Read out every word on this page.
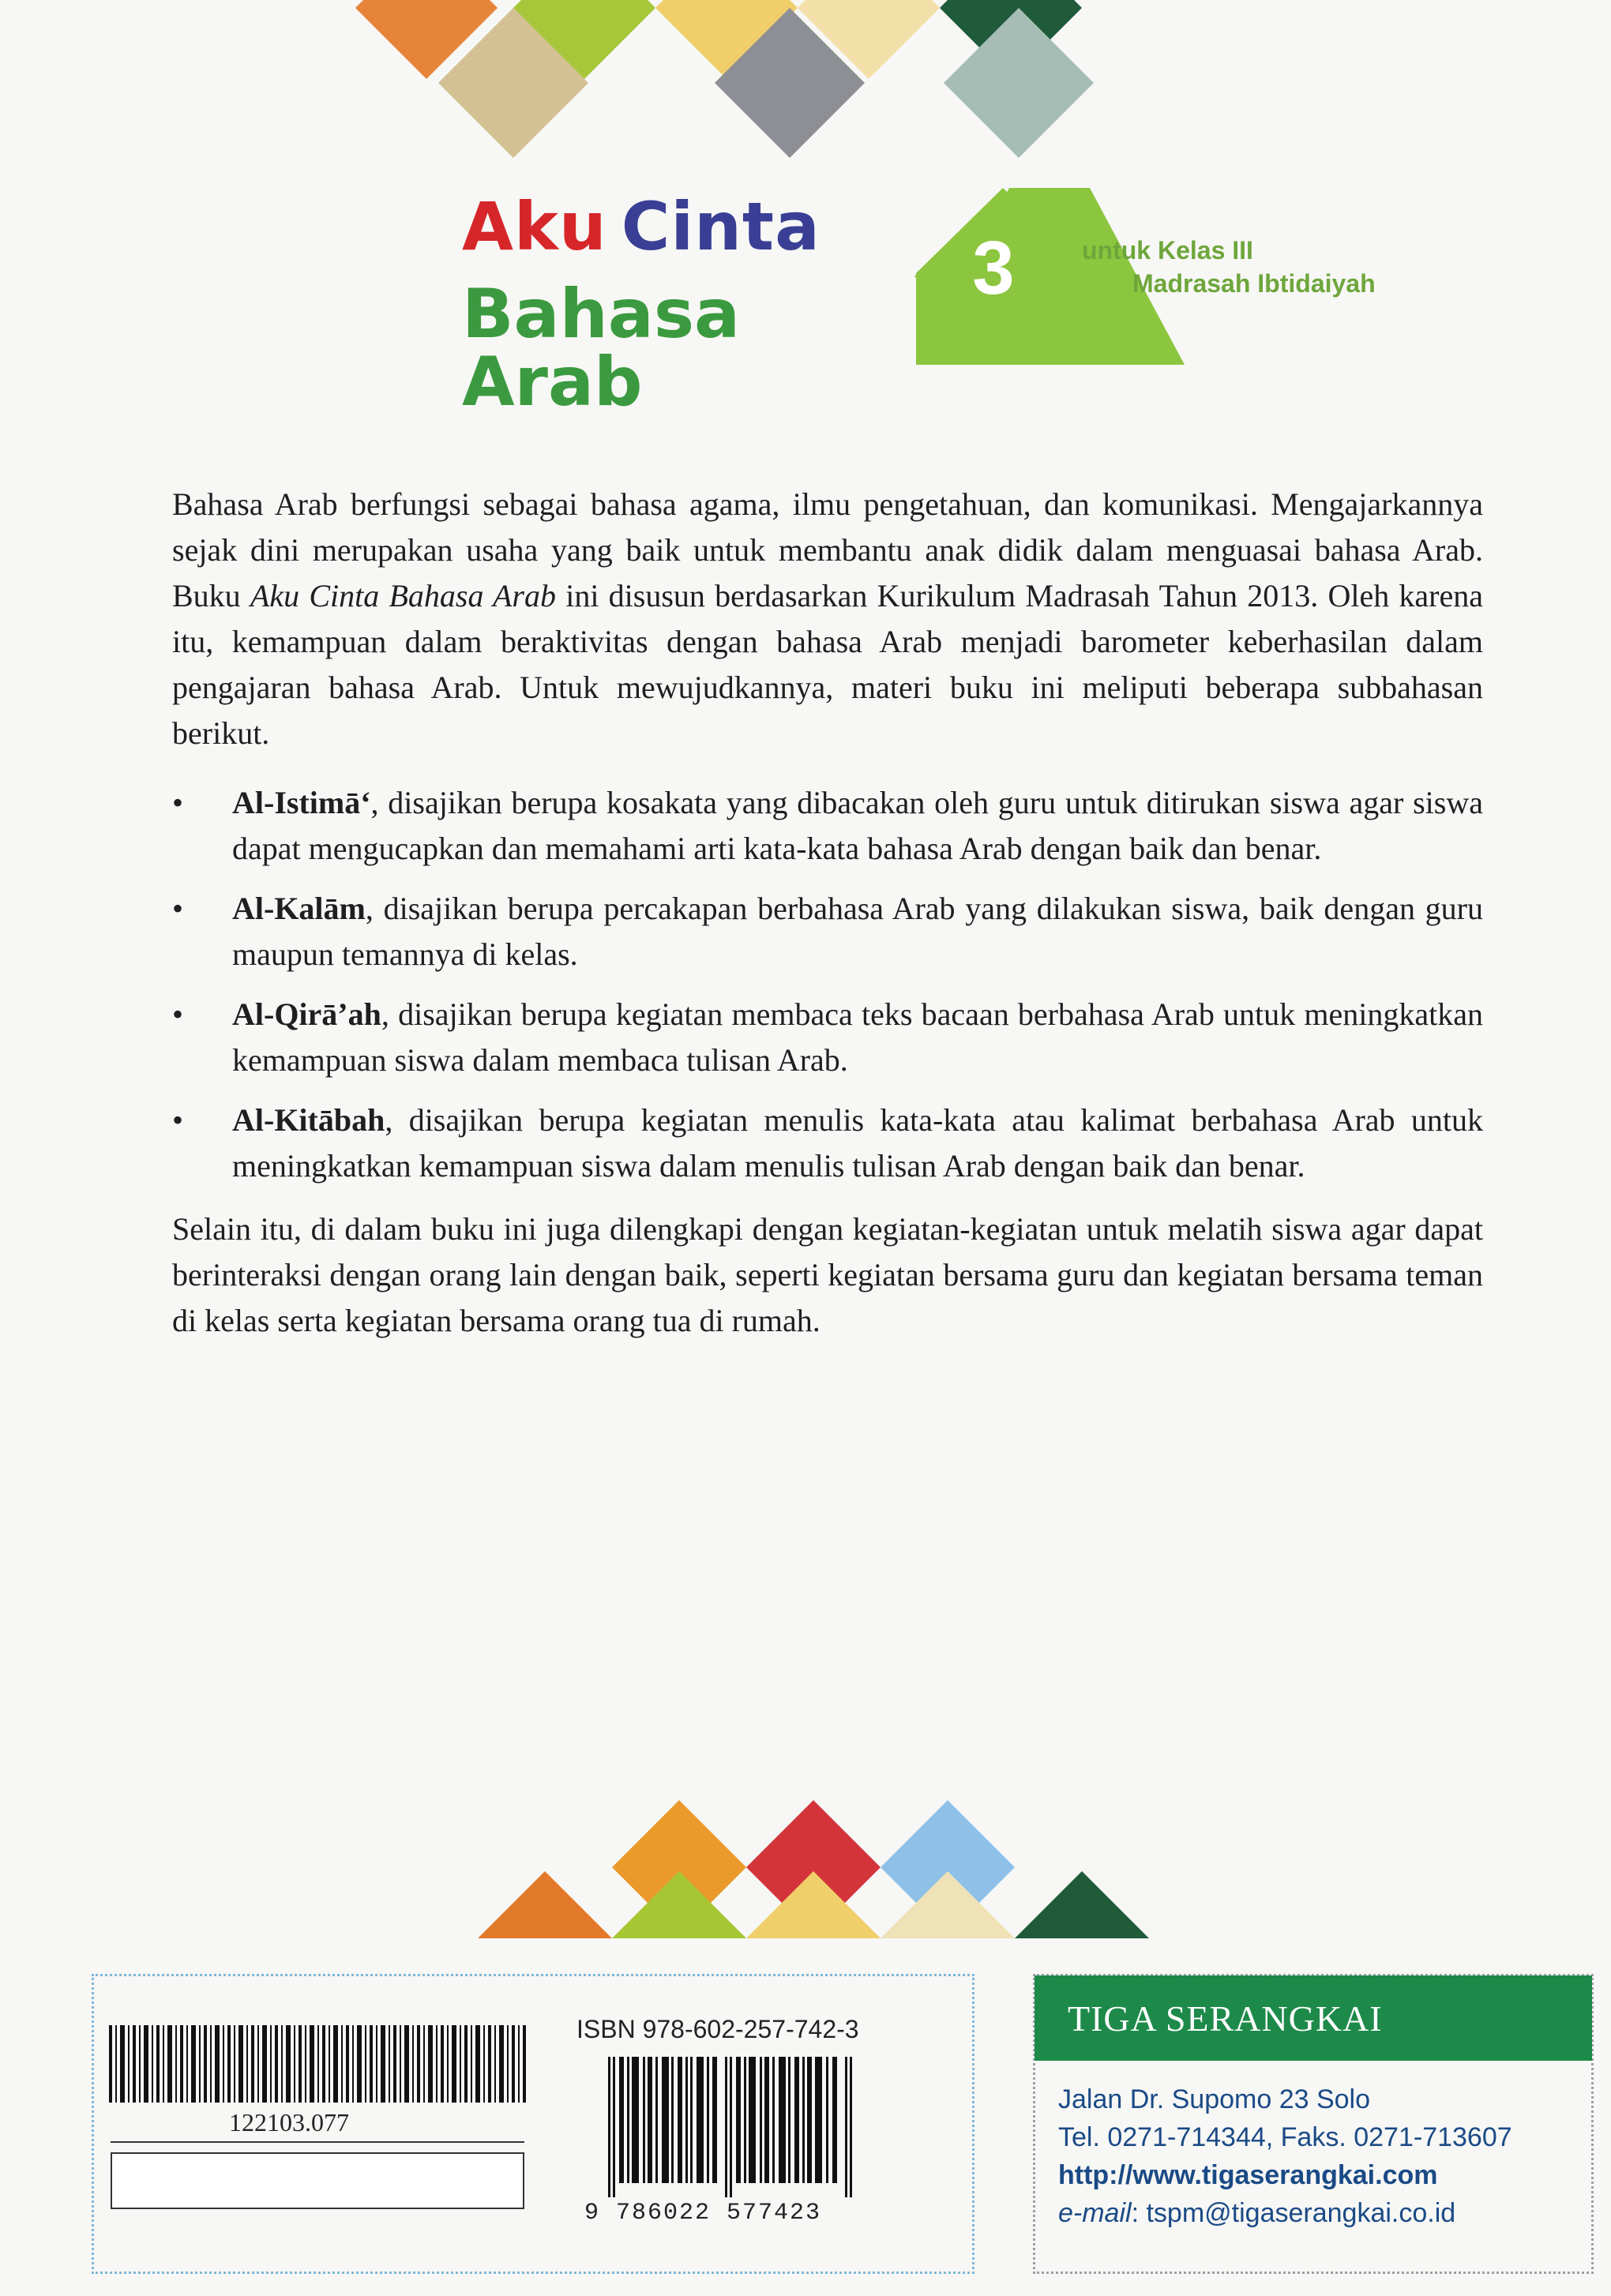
Aku Cinta
Bahasa Arab
3	untuk Kelas III
Madrasah Ibtidaiyah

Bahasa Arab berfungsi sebagai bahasa agama, ilmu pengetahuan, dan komunikasi. Mengajarkannya sejak dini merupakan usaha yang baik untuk membantu anak didik dalam menguasai bahasa Arab. Buku Aku Cinta Bahasa Arab ini disusun berdasarkan Kurikulum Madrasah Tahun 2013. Oleh karena itu, kemampuan dalam beraktivitas dengan bahasa Arab menjadi barometer keberhasilan dalam pengajaran bahasa Arab. Untuk mewujudkannya, materi buku ini meliputi beberapa subbahasan berikut.

• Al-Istimā‘, disajikan berupa kosakata yang dibacakan oleh guru untuk ditirukan siswa agar siswa dapat mengucapkan dan memahami arti kata-kata bahasa Arab dengan baik dan benar.
• Al-Kalām, disajikan berupa percakapan berbahasa Arab yang dilakukan siswa, baik dengan guru maupun temannya di kelas.
• Al-Qirā’ah, disajikan berupa kegiatan membaca teks bacaan berbahasa Arab untuk meningkatkan kemampuan siswa dalam membaca tulisan Arab.
• Al-Kitābah, disajikan berupa kegiatan menulis kata-kata atau kalimat berbahasa Arab untuk meningkatkan kemampuan siswa dalam menulis tulisan Arab dengan baik dan benar.

Selain itu, di dalam buku ini juga dilengkapi dengan kegiatan-kegiatan untuk melatih siswa agar dapat berinteraksi dengan orang lain dengan baik, seperti kegiatan bersama guru dan kegiatan bersama teman di kelas serta kegiatan bersama orang tua di rumah.

122103.077
ISBN 978-602-257-742-3
9 786022 577423
TIGA SERANGKAI
Jalan Dr. Supomo 23 Solo
Tel. 0271-714344, Faks. 0271-713607
http://www.tigaserangkai.com
e-mail: tspm@tigaserangkai.co.id
